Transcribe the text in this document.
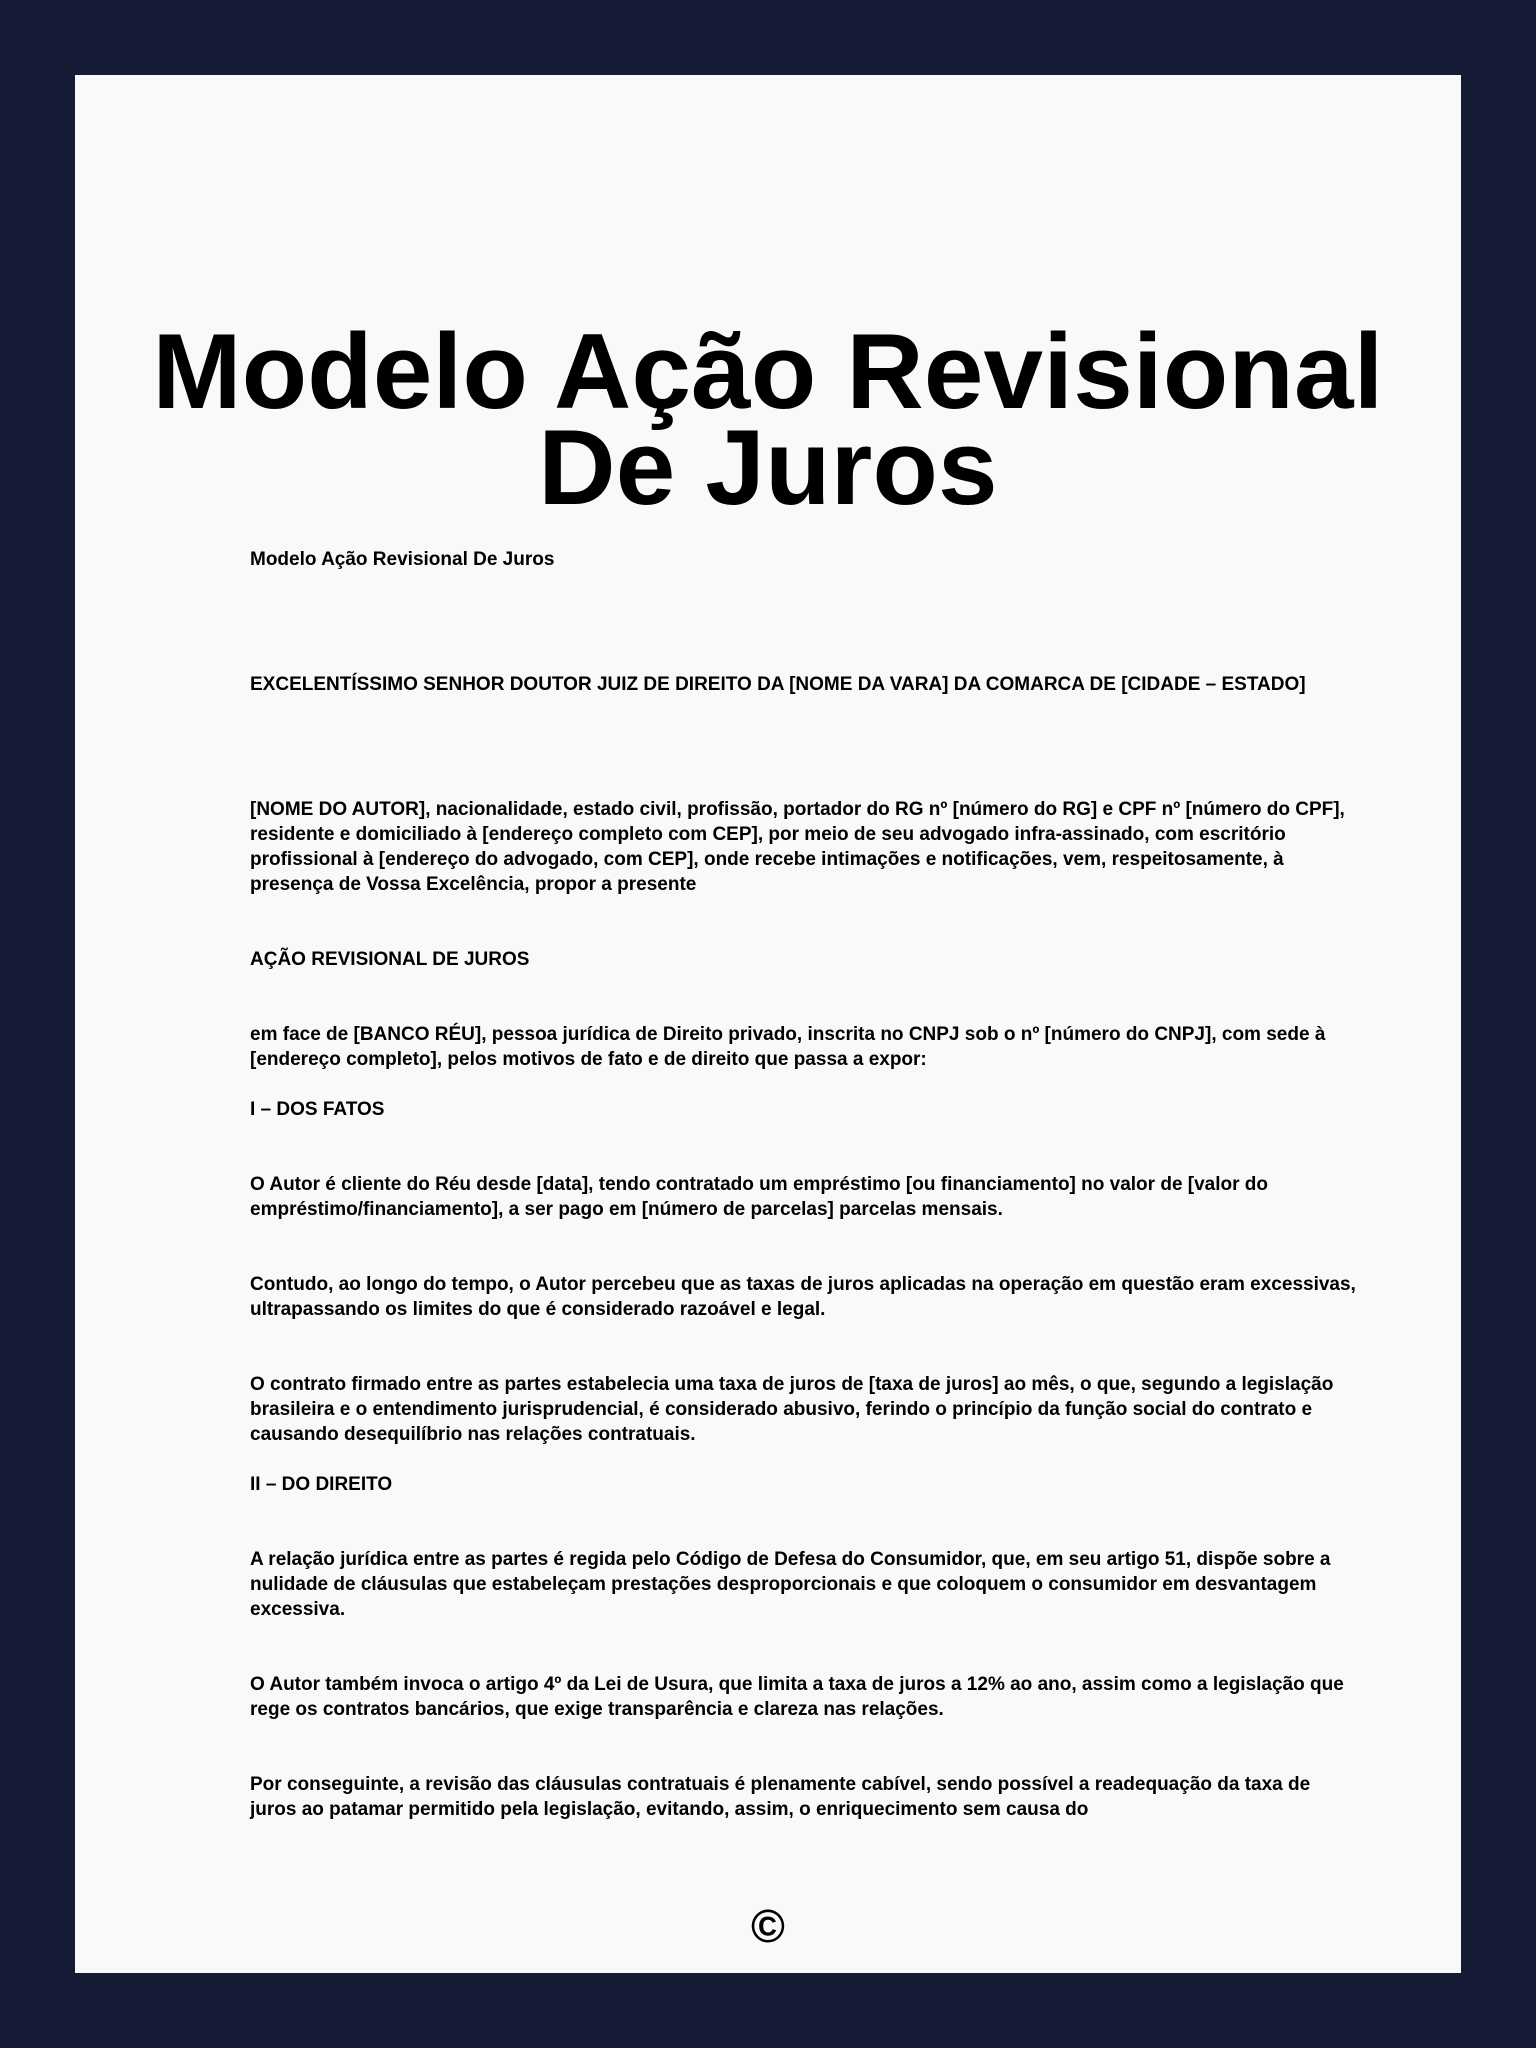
Modelo Ação Revisional De Juros

Modelo Ação Revisional De Juros

EXCELENTÍSSIMO SENHOR DOUTOR JUIZ DE DIREITO DA [NOME DA VARA] DA COMARCA DE [CIDADE – ESTADO]

[NOME DO AUTOR], nacionalidade, estado civil, profissão, portador do RG nº [número do RG] e CPF nº [número do CPF], residente e domiciliado à [endereço completo com CEP], por meio de seu advogado infra-assinado, com escritório profissional à [endereço do advogado, com CEP], onde recebe intimações e notificações, vem, respeitosamente, à presença de Vossa Excelência, propor a presente

AÇÃO REVISIONAL DE JUROS

em face de [BANCO RÉU], pessoa jurídica de Direito privado, inscrita no CNPJ sob o nº [número do CNPJ], com sede à [endereço completo], pelos motivos de fato e de direito que passa a expor:

I – DOS FATOS

O Autor é cliente do Réu desde [data], tendo contratado um empréstimo [ou financiamento] no valor de [valor do empréstimo/financiamento], a ser pago em [número de parcelas] parcelas mensais.

Contudo, ao longo do tempo, o Autor percebeu que as taxas de juros aplicadas na operação em questão eram excessivas, ultrapassando os limites do que é considerado razoável e legal.

O contrato firmado entre as partes estabelecia uma taxa de juros de [taxa de juros] ao mês, o que, segundo a legislação brasileira e o entendimento jurisprudencial, é considerado abusivo, ferindo o princípio da função social do contrato e causando desequilíbrio nas relações contratuais.

II – DO DIREITO

A relação jurídica entre as partes é regida pelo Código de Defesa do Consumidor, que, em seu artigo 51, dispõe sobre a nulidade de cláusulas que estabeleçam prestações desproporcionais e que coloquem o consumidor em desvantagem excessiva.

O Autor também invoca o artigo 4º da Lei de Usura, que limita a taxa de juros a 12% ao ano, assim como a legislação que rege os contratos bancários, que exige transparência e clareza nas relações.

Por conseguinte, a revisão das cláusulas contratuais é plenamente cabível, sendo possível a readequação da taxa de juros ao patamar permitido pela legislação, evitando, assim, o enriquecimento sem causa do

©
